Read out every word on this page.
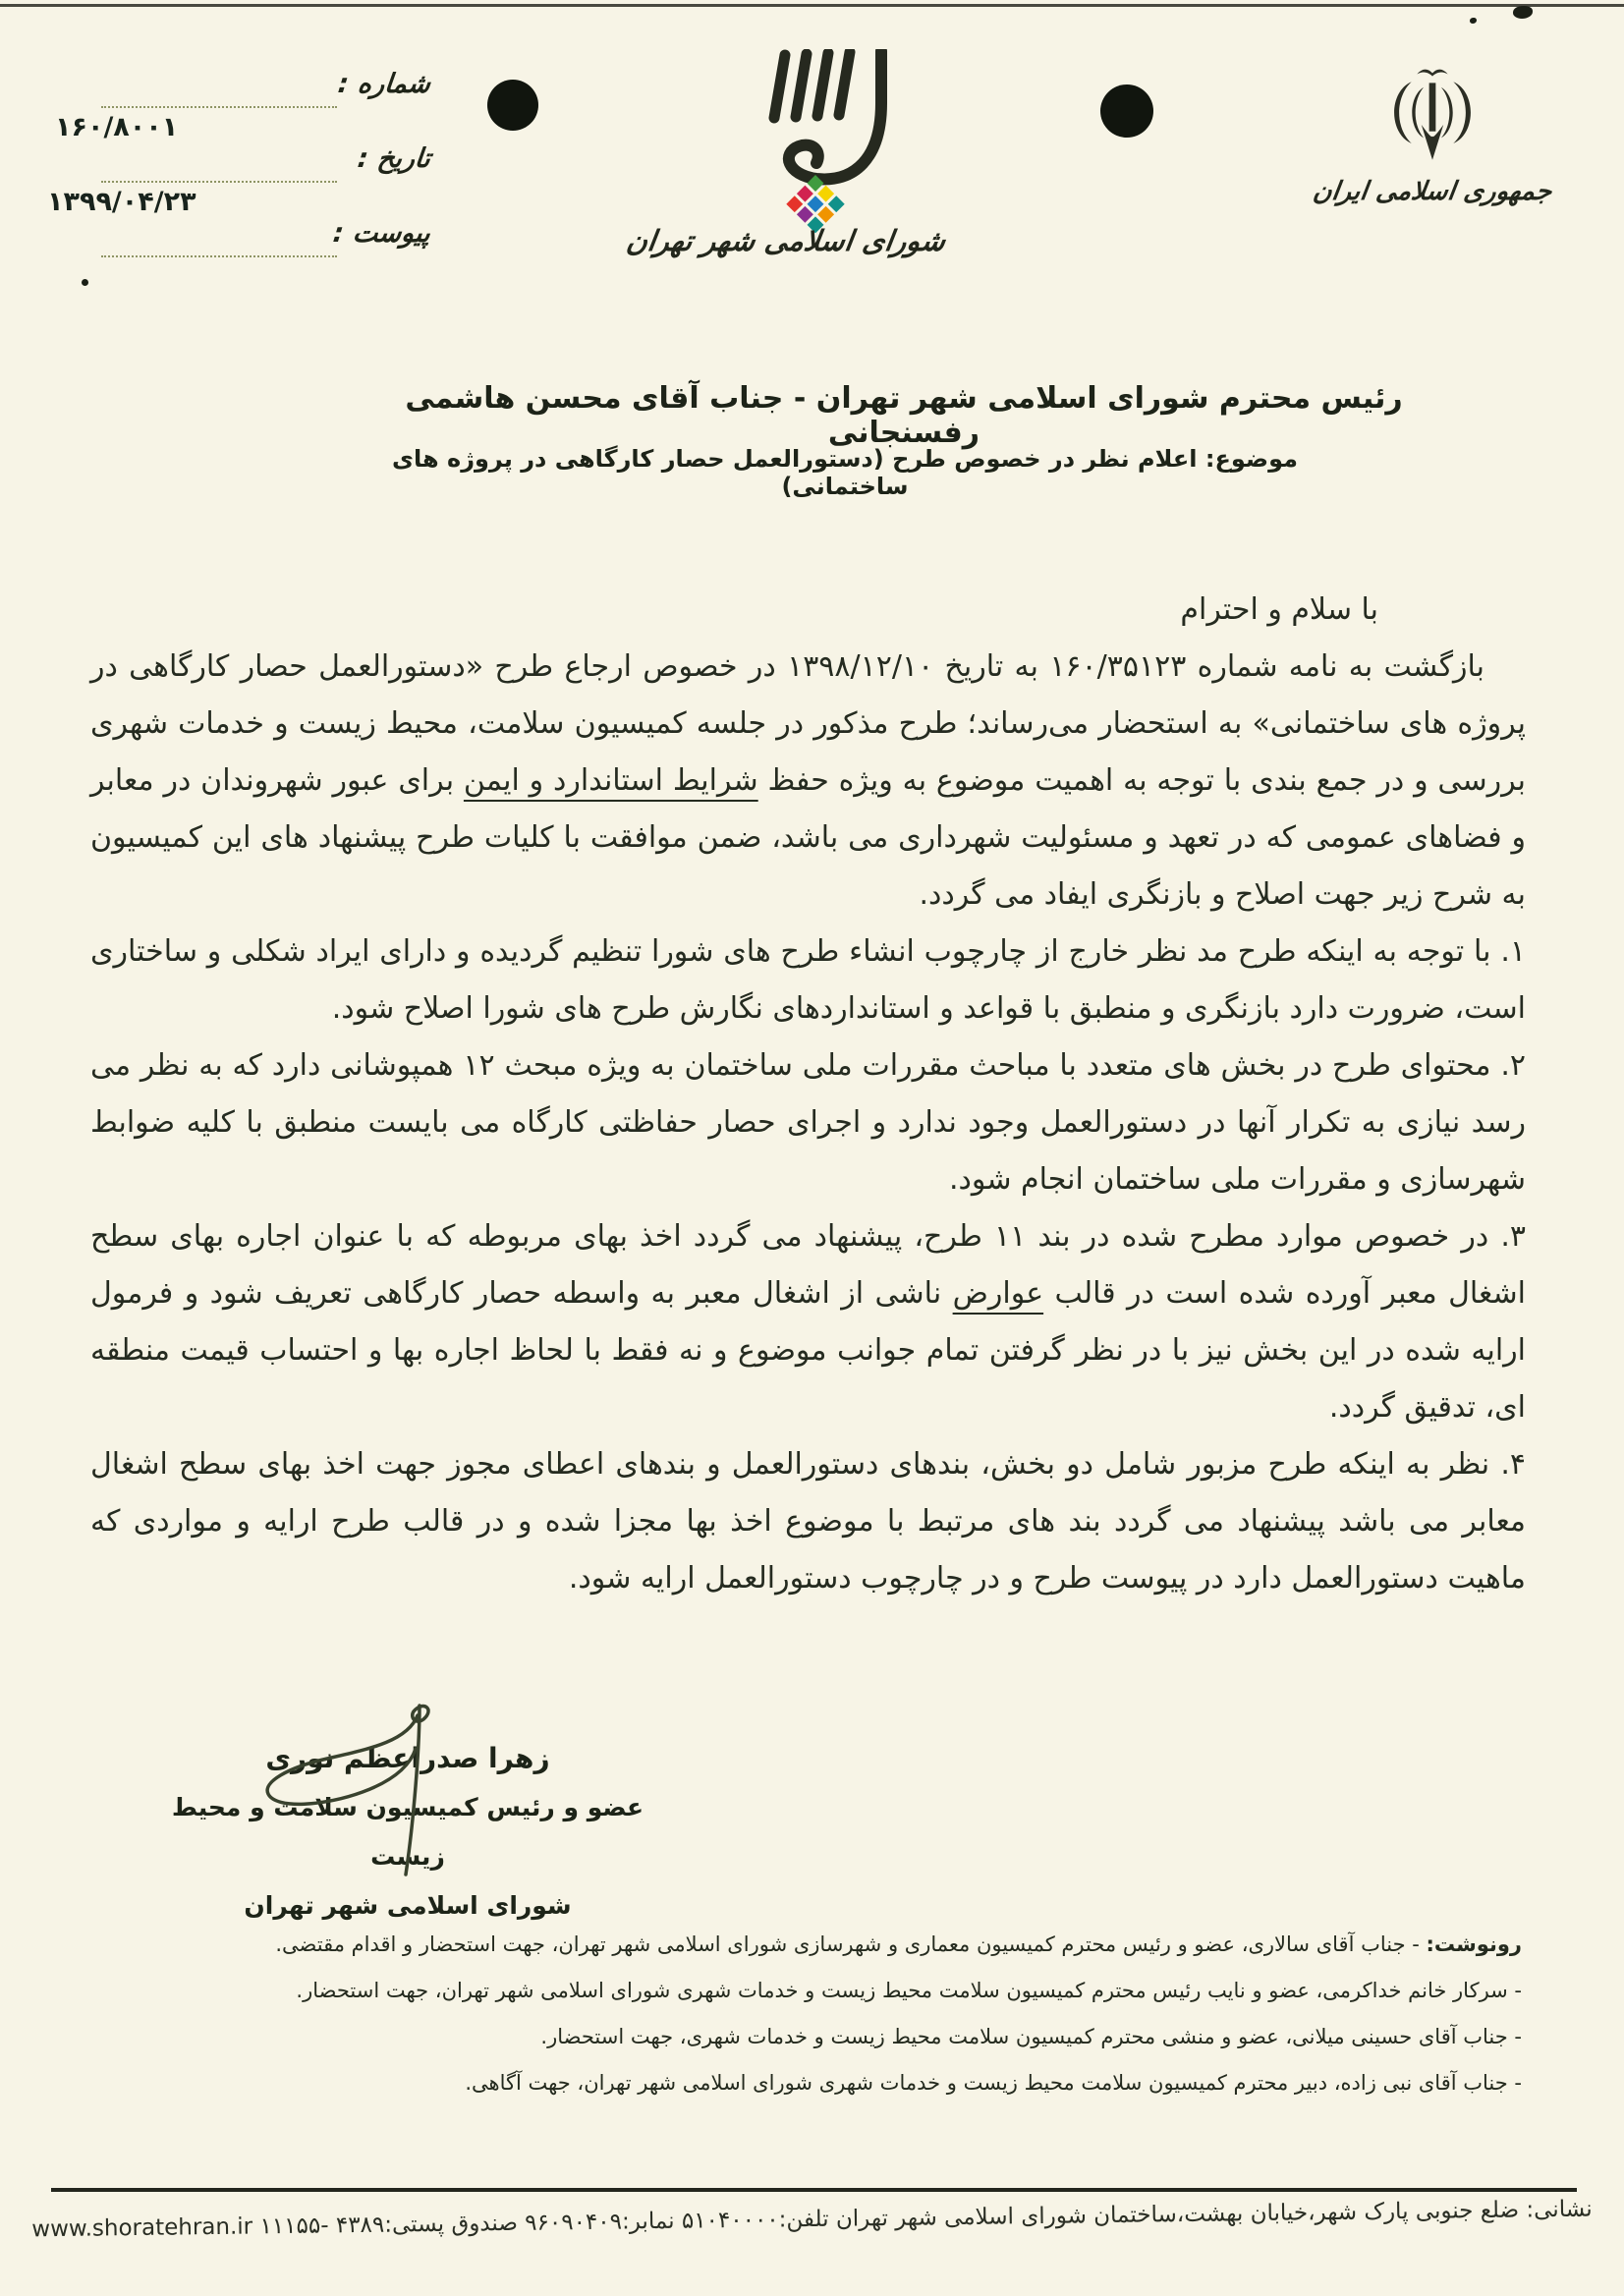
شماره :
۱۶۰/۸۰۰۱
تاریخ :
۱۳۹۹/۰۴/۲۳
پیوست :	شورای اسلامی شهر تهران
جمهوری اسلامی ایران
رئیس محترم شورای اسلامی شهر تهران - جناب آقای محسن هاشمی رفسنجانی
موضوع: اعلام نظر در خصوص طرح (دستورالعمل حصار کارگاهی در پروژه های ساختمانی)

با سلام و احترام

بازگشت به نامه شماره ۱۶۰/۳۵۱۲۳ به تاریخ ۱۳۹۸/۱۲/۱۰ در خصوص ارجاع طرح «دستورالعمل حصار کارگاهی در پروژه های ساختمانی» به استحضار می‌رساند؛ طرح مذکور در جلسه کمیسیون سلامت، محیط زیست و خدمات شهری بررسی و در جمع بندی با توجه به اهمیت موضوع به ویژه حفظ شرایط استاندارد و ایمن برای عبور شهروندان در معابر و فضاهای عمومی که در تعهد و مسئولیت شهرداری می باشد، ضمن موافقت با کلیات طرح پیشنهاد های این کمیسیون به شرح زیر جهت اصلاح و بازنگری ایفاد می گردد.

۱. با توجه به اینکه طرح مد نظر خارج از چارچوب انشاء طرح های شورا تنظیم گردیده و دارای ایراد شکلی و ساختاری است، ضرورت دارد بازنگری و منطبق با قواعد و استانداردهای نگارش طرح های شورا اصلاح شود.

۲. محتوای طرح در بخش های متعدد با مباحث مقررات ملی ساختمان به ویژه مبحث ۱۲ همپوشانی دارد که به نظر می رسد نیازی به تکرار آنها در دستورالعمل وجود ندارد و اجرای حصار حفاظتی کارگاه می بایست منطبق با کلیه ضوابط شهرسازی و مقررات ملی ساختمان انجام شود.

۳. در خصوص موارد مطرح شده در بند ۱۱ طرح، پیشنهاد می گردد اخذ بهای مربوطه که با عنوان اجاره بهای سطح اشغال معبر آورده شده است در قالب عوارض ناشی از اشغال معبر به واسطه حصار کارگاهی تعریف شود و فرمول ارایه شده در این بخش نیز با در نظر گرفتن تمام جوانب موضوع و نه فقط با لحاظ اجاره بها و احتساب قیمت منطقه ای، تدقیق گردد.

۴. نظر به اینکه طرح مزبور شامل دو بخش، بندهای دستورالعمل و بندهای اعطای مجوز جهت اخذ بهای سطح اشغال معابر می باشد پیشنهاد می گردد بند های مرتبط با موضوع اخذ بها مجزا شده و در قالب طرح ارایه و مواردی که ماهیت دستورالعمل دارد در پیوست طرح و در چارچوب دستورالعمل ارایه شود.

زهرا صدراعظم نوری
عضو و رئیس کمیسیون سلامت و محیط زیست
شورای اسلامی شهر تهران
رونوشت: - جناب آقای سالاری، عضو و رئیس محترم کمیسیون معماری و شهرسازی شورای اسلامی شهر تهران، جهت استحضار و اقدام مقتضی.
- سرکار خانم خداکرمی، عضو و نایب رئیس محترم کمیسیون سلامت محیط زیست و خدمات شهری شورای اسلامی شهر تهران، جهت استحضار.
- جناب آقای حسینی میلانی، عضو و منشی محترم کمیسیون سلامت محیط زیست و خدمات شهری، جهت استحضار.
- جناب آقای نبی زاده، دبیر محترم کمیسیون سلامت محیط زیست و خدمات شهری شورای اسلامی شهر تهران، جهت آگاهی.
نشانی: ضلع جنوبی پارک شهر،خیابان بهشت،ساختمان شورای اسلامی شهر تهران تلفن:۵۱۰۴۰۰۰۰ نمابر:۹۶۰۹۰۴۰۹ صندوق پستی:۴۳۸۹ -۱۱۱۵۵ www.shoratehran.ir
